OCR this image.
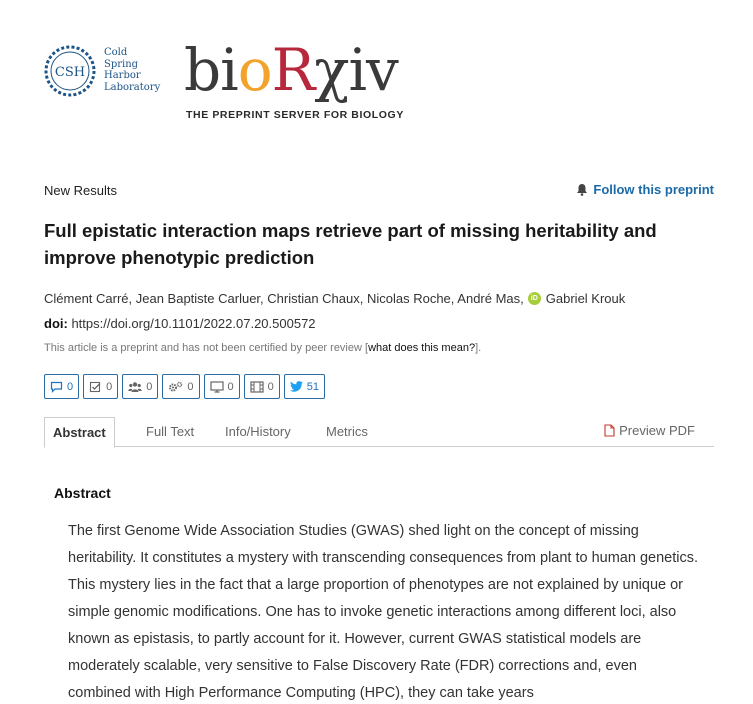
CSH
Cold
Spring
Harbor
Laboratory bioRχiv
THE PREPRINT SERVER FOR BIOLOGY
New Results	Follow this preprint
Full epistatic interaction maps retrieve part of missing heritability and improve phenotypic prediction
Clément Carré, Jean Baptiste Carluer, Christian Chaux, Nicolas Roche, André Mas,	iD Gabriel Krouk
doi: https://doi.org/10.1101/2022.07.20.500572
This article is a preprint and has not been certified by peer review [what does this mean?].
0	0	0	0	0	0	51
Abstract	Full Text Info/History	Metrics	Preview PDF
Abstract

The first Genome Wide Association Studies (GWAS) shed light on the concept of missing heritability. It constitutes a mystery with transcending consequences from plant to human genetics. This mystery lies in the fact that a large proportion of phenotypes are not explained by unique or simple genomic modifications. One has to invoke genetic interactions among different loci, also known as epistasis, to partly account for it. However, current GWAS statistical models are moderately scalable, very sensitive to False Discovery Rate (FDR) corrections and, even combined with High Performance Computing (HPC), they can take years
